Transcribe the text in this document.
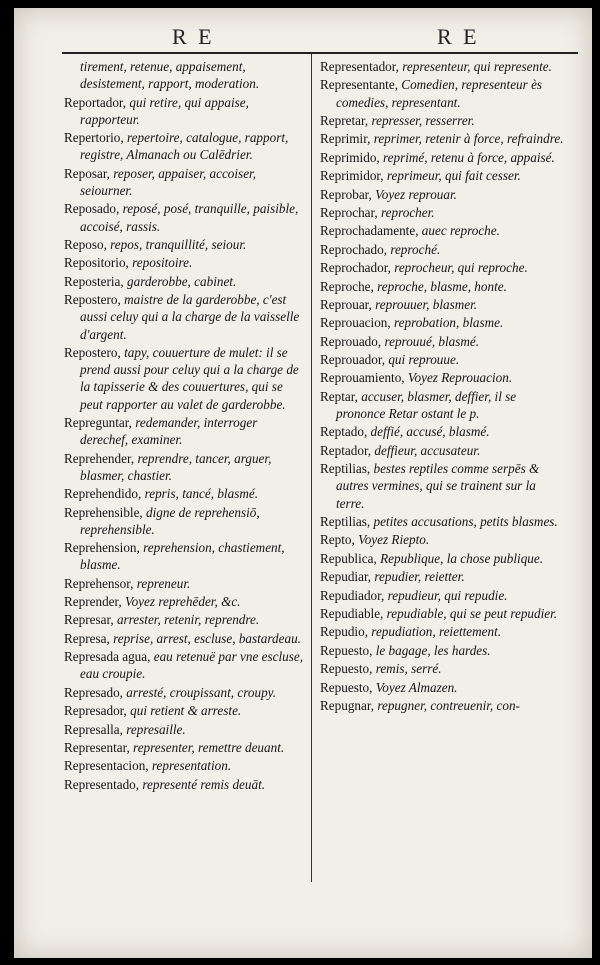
R E	R E
tirement, retenue, appaisement, desistement, rapport, moderation.
Reportador, qui retire, qui appaise, rapporteur.
Repertorio, repertoire, catalogue, rapport, registre, Almanach ou Calēdrier.
Reposar, reposer, appaiser, accoiser, seiourner.
Reposado, reposé, posé, tranquille, paisible, accoisé, rassis.
Reposo, repos, tranquillité, seiour.
Repositorio, repositoire.
Reposteria, garderobbe, cabinet.
Repostero, maistre de la garderobbe, c'est aussi celuy qui a la charge de la vaisselle d'argent.
Repostero, tapy, couuerture de mulet: il se prend aussi pour celuy qui a la charge de la tapisserie & des couuertures, qui se peut rapporter au valet de garderobbe.
Repreguntar, redemander, interroger derechef, examiner.
Reprehender, reprendre, tancer, arguer, blasmer, chastier.
Reprehendido, repris, tancé, blasmé.
Reprehensible, digne de reprehensiō, reprehensible.
Reprehension, reprehension, chastiement, blasme.
Reprehensor, repreneur.
Reprender, Voyez reprehēder, &c.
Represar, arrester, retenir, reprendre.
Represa, reprise, arrest, escluse, bastardeau.
Represada agua, eau retenuë par vne escluse, eau croupie.
Represado, arresté, croupissant, croupy.
Represador, qui retient & arreste.
Represalla, represaille.
Representar, representer, remettre deuant.
Representacion, representation.
Representado, representé remis deuāt.
Representador, representeur, qui represente.
Representante, Comedien, representeur ès comedies, representant.
Repretar, represser, resserrer.
Reprimir, reprimer, retenir à force, refraindre.
Reprimido, reprimé, retenu à force, appaisé.
Reprimidor, reprimeur, qui fait cesser.
Reprobar, Voyez reprouar.
Reprochar, reprocher.
Reprochadamente, auec reproche.
Reprochado, reproché.
Reprochador, reprocheur, qui reproche.
Reproche, reproche, blasme, honte.
Reprouar, reprouuer, blasmer.
Reprouacion, reprobation, blasme.
Reprouado, reprouué, blasmé.
Reprouador, qui reprouue.
Reprouamiento, Voyez Reprouacion.
Reptar, accuser, blasmer, deffier, il se prononce Retar ostant le p.
Reptado, deffié, accusé, blasmé.
Reptador, deffieur, accusateur.
Reptilias, bestes reptiles comme serpēs & autres vermines, qui se trainent sur la terre.
Reptilias, petites accusations, petits blasmes.
Repto, Voyez Riepto.
Republica, Republique, la chose publique.
Repudiar, repudier, reietter.
Repudiador, repudieur, qui repudie.
Repudiable, repudiable, qui se peut repudier.
Repudio, repudiation, reiettement.
Repuesto, le bagage, les hardes.
Repuesto, remis, serré.
Repuesto, Voyez Almazen.
Repugnar, repugner, contreuenir, con-
